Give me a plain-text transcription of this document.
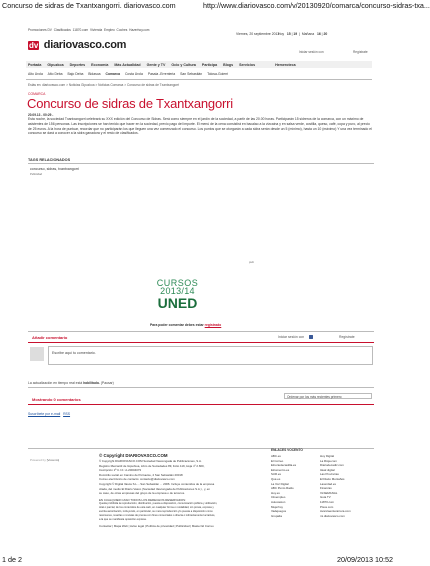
Concurso de sidras de Txantxangorri. diariovasco.com	http://www.diariovasco.com/v/20130920/comarca/concurso-sidras-txa...
Promociones DV Clasificados 11870.com Vivienda Empleo Coches Hazerhoy.com
dv diariovasco.com
Viernes, 20 septiembre 2013
Hoy 15 | 19  |  Mañana 16 | 20
Iniciar sesión con	Regístrate
Portada Gipuzkoa Deportes Economía Más Actualidad Gente y TV Ocio y Cultura Participa Blogs Servicios	Hemeroteca
Alto Urola Alto Deba Bajo Deba Bidasoa Comarca Costa Urola Pasaia -Errenteria San Sebastián Tolosa-Goierri
Estás en: diariovasco.com > Noticias Gipuzkoa > Noticias Comarca > Concurso de sidras de Txantxangorri
COMARCA
Concurso de sidras de Txantxangorri
20.09.13 - 00:29 -
Esta noche, la sociedad Txantxangorri celebrará su XXX edición del Concurso de Sidras. Será como siempre en el jardín de la sociedad, a partir de las 20.00 horas. Participarán 15 sidreros de la comarca, con un máximo de asistentes de 156 personas. Las inscripciones se han tenido que hacer en la sociedad, previo pago del importe. El menú de la cena consistirá en bacalao a la vizcaína y en salsa verde, costilla, queso, café, copa y puro, al precio de 25 euros. A la hora de puntuar, recordar que no participarán los que lleguen una vez comenzado el concurso. Los puntos que se otorgarán a cada sidra serán desde un 5 (mínimo), hasta un 10 (máximo) Y una vez terminado el concurso se dará a conocer a la sidra ganadora y el resto de clasificados.
TAGS RELACIONADOS
concurso, sidras, txantxangorri
Publicidad
pub
CURSOS
2013/14
UNED
Para poder comentar debes estar registrado
Añadir comentario	Iniciar sesión con	Regístrate
Escribe aquí tu comentario.
La actualización en tiempo real está habilitada. (Pausar)
Mostrando 0 comentarios	Ordenar por los más recientes primero
Suscríbete por e-mail RSS
Powered by [Vocento]
© Copyright DIARIOVASCO.COM
© Copyright DIARIOVASCO.COM Sociedad Vascongada de Publicaciones, S.A.
Registro Mercantil de Gipuzkoa, Libro de Sociedades 89, Folio 119, Hoja nº 2.660,
Inscripción 1ª C.I.F.: A-20004073
Domicilio social en Camino de Portuetxe, 2 San Sebastián 20018
Correo electrónico de contacto: contacto@diariovasco.com
Copyright © Digital Vasca S.L. - San Sebastián ... 2006. Incluye contenidos de la empresa
citada, del medio El Diario Vasco (Sociedad Vascongada de Publicaciones S.A.) , y, en
su caso, de otras empresas del grupo de la empresa o de terceros.
EN CUALQUIER CASO TODOS LOS DERECHOS RESERVADOS:
Queda prohibida la reproducción, distribución, puesta a disposición, comunicación pública y utilización,
total o parcial, de los contenidos de esta web, en cualquier forma o modalidad, sin previa, expresa y
escrita autorización, incluyendo, en particular, su mera reproducción y/o puesta a disposición como
resúmenes, reseñas o revistas de prensa con fines comerciales o directa o indirectamente lucrativos,
a la que se manifiesta oposición expresa.
Contactar | Mapa Web | Aviso legal | Política de privacidad | Publicidad | Master El Correo
ENLACES VOCENTO
ABC.es
El Correo
Elnortedecastilla.es
Elcomercio.es
SUR.es
Qué.es
La Voz Digital
ABC Punto Radio
Hoy.es
Infoempleo
Autocasion
Mujerhoy
Vadejuegos
Grupalia
Hoy Digital
La Rioja.com
Diariodecadiz.com
Ideal digital
Las Provincias
El Diario Montañés
Laverdad.es
Finanzas
XLSEMANAL
Guía TV
11870.com
Pisos.com
Avanzaentucarrera.com
mi.diariovasco.com
1 de 2	20/09/2013 10:52
